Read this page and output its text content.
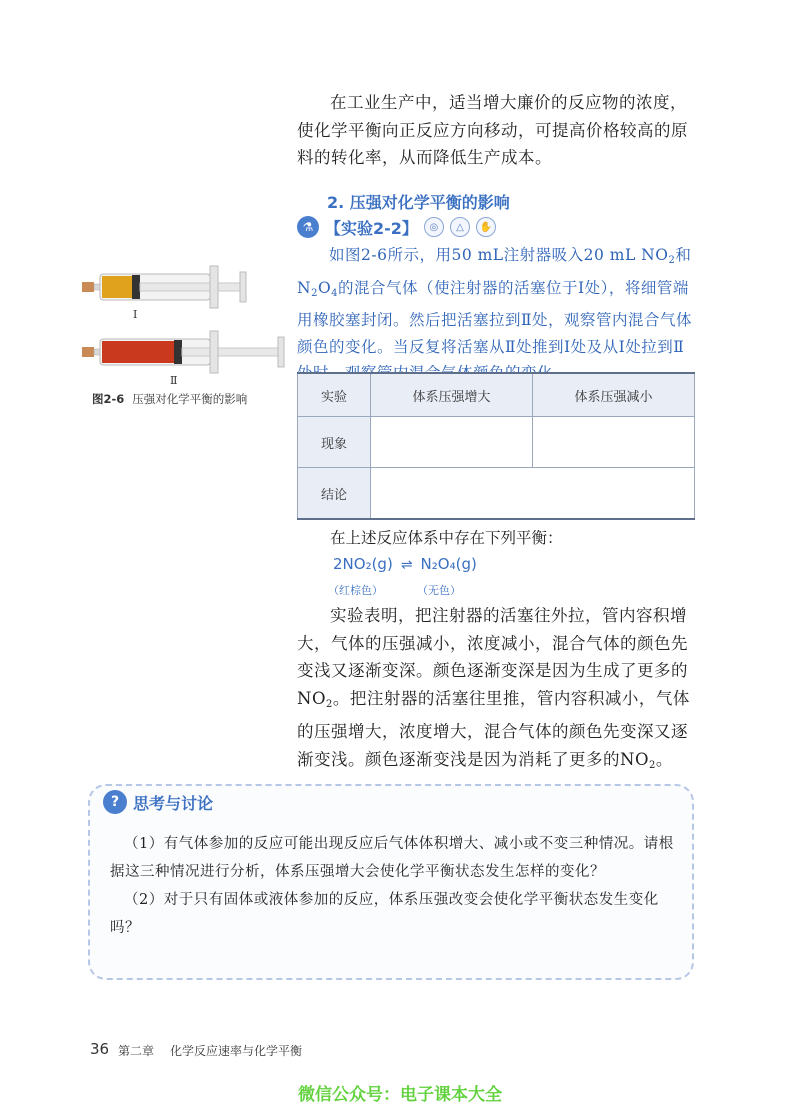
在工业生产中，适当增大廉价的反应物的浓度，使化学平衡向正反应方向移动，可提高价格较高的原料的转化率，从而降低生产成本。
2. 压强对化学平衡的影响
⚗ 【实验2-2】	◎	△	✋
如图2-6所示，用50 mL注射器吸入20 mL $NO_2$和$N_2O_4$的混合气体（使注射器的活塞位于Ⅰ处），将细管端用橡胶塞封闭。然后把活塞拉到Ⅱ处，观察管内混合气体颜色的变化。当反复将活塞从Ⅱ处推到Ⅰ处及从Ⅰ处拉到Ⅱ
Ⅰ
Ⅱ
图2-6 压强对化学平衡的影响	实验	体系压强增大	体系压强减小
现象		
结论		
在上述反应体系中存在下列平衡：
2NO₂(g) ⇌ N₂O₄(g)
（红棕色）	（无色）
实验表明，把注射器的活塞往外拉，管内容积增大，气体的压强减小，浓度减小，混合气体的颜色先变浅又逐渐变深。颜色逐渐变深是因为生成了更多的$NO_2$。把注射器的活塞往里推，管内容积减小，气体的压强增大，浓度增大，混合气体的颜色先变深又逐渐变浅。颜色逐渐变浅是因为消耗了更多的$NO_2$。
? 思考与讨论

（1）有气体参加的反应可能出现反应后气体体积增大、减小或不变三种情况。请根据这三种情况进行分析，体系压强增大会使化学平衡状态发生怎样的变化？

（2）对于只有固体或液体参加的反应，体系压强改变会使化学平衡状态发生变化吗？

36 第二章 化学反应速率与化学平衡
微信公众号：电子课本大全
